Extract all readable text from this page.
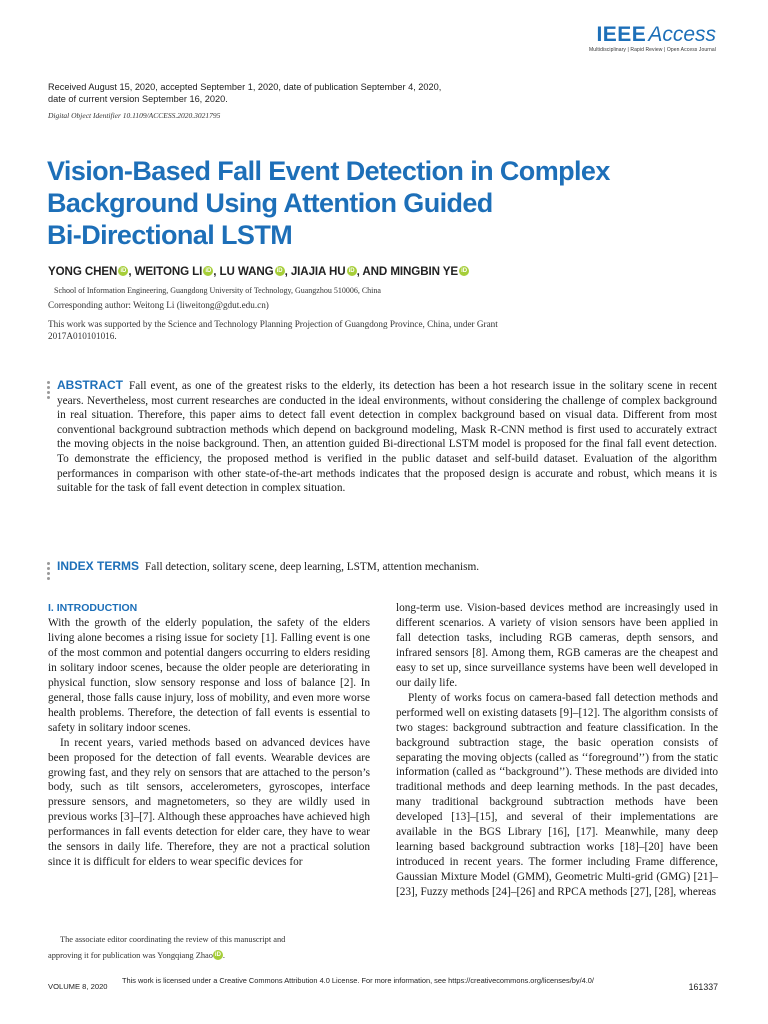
IEEEAccess
Multidisciplinary | Rapid Review | Open Access Journal
Received August 15, 2020, accepted September 1, 2020, date of publication September 4, 2020,
date of current version September 16, 2020.
Digital Object Identifier 10.1109/ACCESS.2020.3021795
Vision-Based Fall Event Detection in Complex
Background Using Attention Guided
Bi-Directional LSTM
YONG CHEN iD , WEITONG LI iD , LU WANG iD , JIAJIA HU iD , AND MINGBIN YE iD
School of Information Engineering, Guangdong University of Technology, Guangzhou 510006, China
Corresponding author: Weitong Li (liweitong@gdut.edu.cn)
This work was supported by the Science and Technology Planning Projection of Guangdong Province, China, under Grant 2017A010101016.
ABSTRACT Fall event, as one of the greatest risks to the elderly, its detection has been a hot research issue in the solitary scene in recent years. Nevertheless, most current researches are conducted in the ideal environments, without considering the challenge of complex background in real situation. Therefore, this paper aims to detect fall event detection in complex background based on visual data. Different from most conventional background subtraction methods which depend on background modeling, Mask R-CNN method is first used to accurately extract the moving objects in the noise background. Then, an attention guided Bi-directional LSTM model is proposed for the final fall event detection. To demonstrate the efficiency, the proposed method is verified in the public dataset and self-build dataset. Evaluation of the algorithm performances in comparison with other state-of-the-art methods indicates that the proposed design is accurate and robust, which means it is suitable for the task of fall event detection in complex situation.
INDEX TERMS Fall detection, solitary scene, deep learning, LSTM, attention mechanism.
I. INTRODUCTION

With the growth of the elderly population, the safety of the elders living alone becomes a rising issue for society [1]. Falling event is one of the most common and potential dangers occurring to elders residing in solitary indoor scenes, because the older people are deteriorating in physical function, slow sensory response and loss of balance [2]. In general, those falls cause injury, loss of mobility, and even more worse health problems. Therefore, the detection of fall events is essential to safety in solitary indoor scenes.

In recent years, varied methods based on advanced devices have been proposed for the detection of fall events. Wearable devices are growing fast, and they rely on sensors that are attached to the person’s body, such as tilt sensors, accelerometers, gyroscopes, interface pressure sensors, and magnetometers, so they are wildly used in previous works [3]–[7]. Although these approaches have achieved high performances in fall events detection for elder care, they have to wear the sensors in daily life. Therefore, they are not a practical solution since it is difficult for elders to wear specific devices for

The associate editor coordinating the review of this manuscript and

approving it for publication was Yongqiang Zhao iD .

long-term use. Vision-based devices method are increasingly used in different scenarios. A variety of vision sensors have been applied in fall detection tasks, including RGB cameras, depth sensors, and infrared sensors [8]. Among them, RGB cameras are the cheapest and easy to set up, since surveillance systems have been well developed in our daily life.

Plenty of works focus on camera-based fall detection methods and performed well on existing datasets [9]–[12]. The algorithm consists of two stages: background subtraction and feature classification. In the background subtraction stage, the basic operation consists of separating the moving objects (called as ‘‘foreground’’) from the static information (called as ‘‘background’’). These methods are divided into traditional methods and deep learning methods. In the past decades, many traditional background subtraction methods have been developed [13]–[15], and several of their implementations are available in the BGS Library [16], [17]. Meanwhile, many deep learning based background subtraction works [18]–[20] have been introduced in recent years. The former including Frame difference, Gaussian Mixture Model (GMM), Geometric Multi-grid (GMG) [21]–[23], Fuzzy methods [24]–[26] and RPCA methods [27], [28], whereas

VOLUME 8, 2020
This work is licensed under a Creative Commons Attribution 4.0 License. For more information, see https://creativecommons.org/licenses/by/4.0/
161337
